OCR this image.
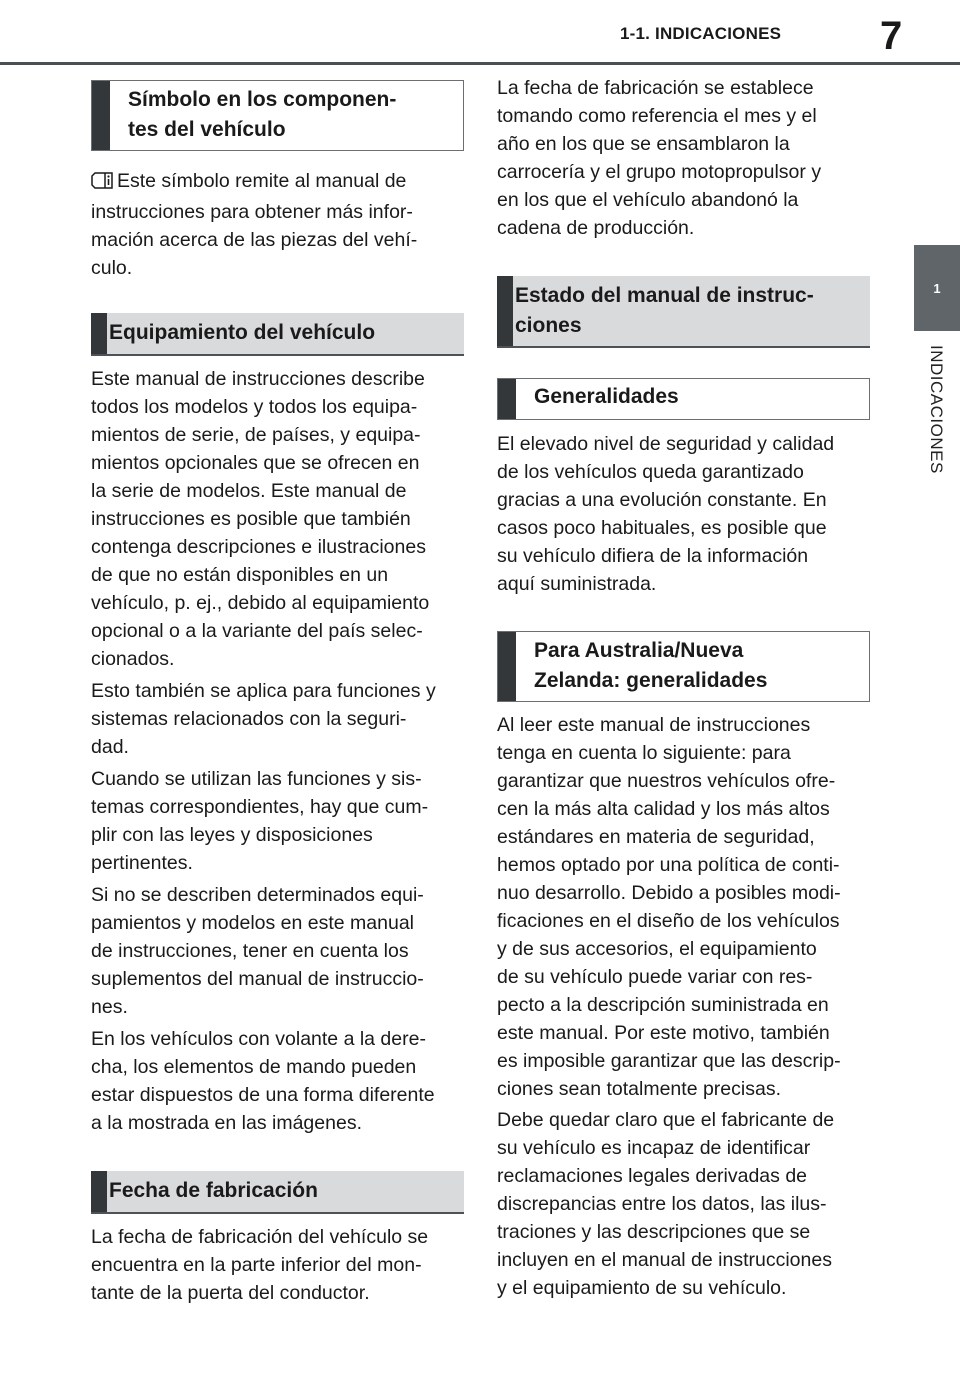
1-1. INDICACIONES 7
1
INDICACIONES
Símbolo en los componen-
tes del vehículo
Este símbolo remite al manual de
instrucciones para obtener más infor-
mación acerca de las piezas del vehí-
culo.
Equipamiento del vehículo
Este manual de instrucciones describe
todos los modelos y todos los equipa-
mientos de serie, de países, y equipa-
mientos opcionales que se ofrecen en
la serie de modelos. Este manual de
instrucciones es posible que también
contenga descripciones e ilustraciones
de que no están disponibles en un
vehículo, p. ej., debido al equipamiento
opcional o a la variante del país selec-
cionados.
Esto también se aplica para funciones y
sistemas relacionados con la seguri-
dad.
Cuando se utilizan las funciones y sis-
temas correspondientes, hay que cum-
plir con las leyes y disposiciones
pertinentes.
Si no se describen determinados equi-
pamientos y modelos en este manual
de instrucciones, tener en cuenta los
suplementos del manual de instruccio-
nes.
En los vehículos con volante a la dere-
cha, los elementos de mando pueden
estar dispuestos de una forma diferente
a la mostrada en las imágenes.
Fecha de fabricación
La fecha de fabricación del vehículo se
encuentra en la parte inferior del mon-
tante de la puerta del conductor.
La fecha de fabricación se establece
tomando como referencia el mes y el
año en los que se ensamblaron la
carrocería y el grupo motopropulsor y
en los que el vehículo abandonó la
cadena de producción.
Estado del manual de instruc-
ciones
Generalidades
El elevado nivel de seguridad y calidad
de los vehículos queda garantizado
gracias a una evolución constante. En
casos poco habituales, es posible que
su vehículo difiera de la información
aquí suministrada.
Para Australia/Nueva
Zelanda: generalidades
Al leer este manual de instrucciones
tenga en cuenta lo siguiente: para
garantizar que nuestros vehículos ofre-
cen la más alta calidad y los más altos
estándares en materia de seguridad,
hemos optado por una política de conti-
nuo desarrollo. Debido a posibles modi-
ficaciones en el diseño de los vehículos
y de sus accesorios, el equipamiento
de su vehículo puede variar con res-
pecto a la descripción suministrada en
este manual. Por este motivo, también
es imposible garantizar que las descrip-
ciones sean totalmente precisas.
Debe quedar claro que el fabricante de
su vehículo es incapaz de identificar
reclamaciones legales derivadas de
discrepancias entre los datos, las ilus-
traciones y las descripciones que se
incluyen en el manual de instrucciones
y el equipamiento de su vehículo.
